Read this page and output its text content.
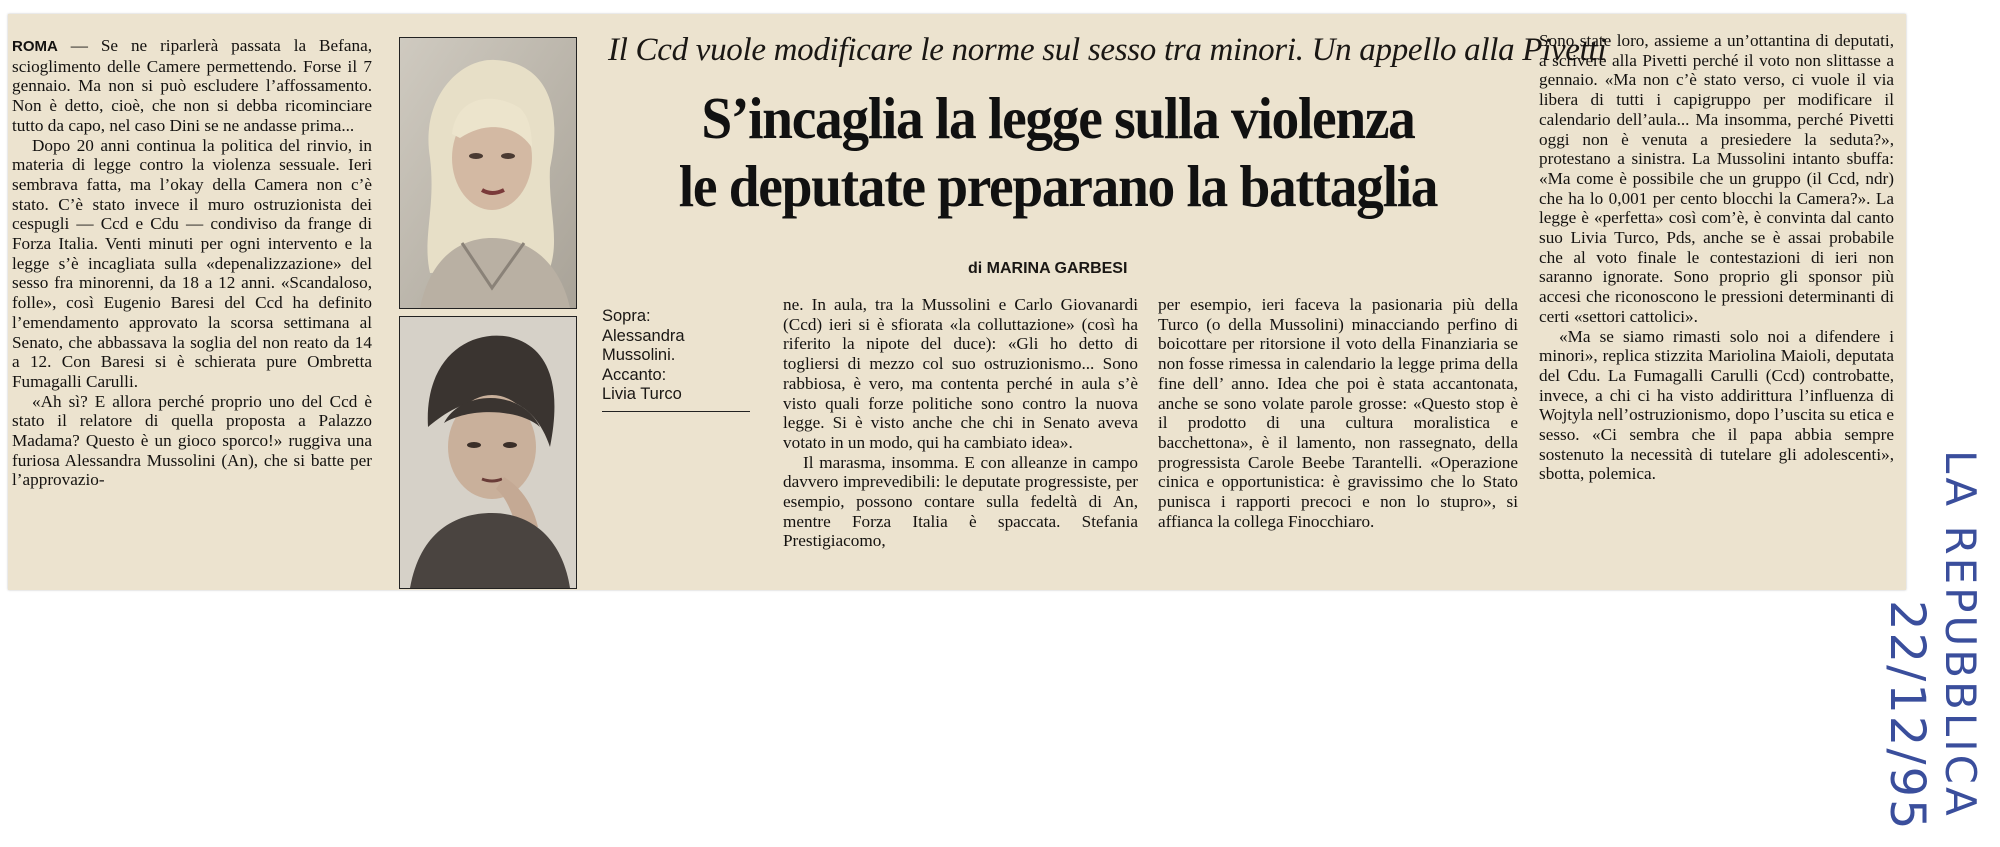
ROMA — Se ne riparlerà passata la Befana, scioglimento delle Camere permettendo. Forse il 7 gennaio. Ma non si può escludere l’affossamento. Non è detto, cioè, che non si debba ricominciare tutto da capo, nel caso Dini se ne andasse prima...

Dopo 20 anni continua la politica del rinvio, in materia di legge contro la violenza sessuale. Ieri sembrava fatta, ma l’okay della Camera non c’è stato. C’è stato invece il muro ostruzionista dei cespugli — Ccd e Cdu — condiviso da frange di Forza Italia. Venti minuti per ogni intervento e la legge s’è incagliata sulla «depenalizzazione» del sesso fra minorenni, da 18 a 12 anni. «Scandaloso, folle», così Eugenio Baresi del Ccd ha definito l’emendamento approvato la scorsa settimana al Senato, che abbassava la soglia del non reato da 14 a 12. Con Baresi si è schierata pure Ombretta Fumagalli Carulli.

«Ah sì? E allora perché proprio uno del Ccd è stato il relatore di quella proposta a Palazzo Madama? Questo è un gioco sporco!» ruggiva una furiosa Alessandra Mussolini (An), che si batte per l’approvazio-

Il Ccd vuole modificare le norme sul sesso tra minori. Un appello alla Pivetti
S’incaglia la legge sulla violenza
le deputate preparano la battaglia
di MARINA GARBESI
Sopra:
Alessandra
Mussolini.
Accanto:
Livia Turco

ne. In aula, tra la Mussolini e Carlo Giovanardi (Ccd) ieri si è sfiorata «la colluttazione» (così ha riferito la nipote del duce): «Gli ho detto di togliersi di mezzo col suo ostruzionismo... Sono rabbiosa, è vero, ma contenta perché in aula s’è visto quali forze politiche sono contro la nuova legge. Si è visto anche che chi in Senato aveva votato in un modo, qui ha cambiato idea».

Il marasma, insomma. E con alleanze in campo davvero imprevedibili: le deputate progressiste, per esempio, possono contare sulla fedeltà di An, mentre Forza Italia è spaccata. Stefania Prestigiacomo,

per esempio, ieri faceva la pasionaria più della Turco (o della Mussolini) minacciando perfino di boicottare per ritorsione il voto della Finanziaria se non fosse rimessa in calendario la legge prima della fine dell’ anno. Idea che poi è stata accantonata, anche se sono volate parole grosse: «Questo stop è il prodotto di una cultura moralistica e bacchettona», è il lamento, non rassegnato, della progressista Carole Beebe Tarantelli. «Operazione cinica e opportunistica: è gravissimo che lo Stato punisca i rapporti precoci e non lo stupro», si affianca la collega Finocchiaro.

Sono state loro, assieme a un’ottantina di deputati, a scrivere alla Pivetti perché il voto non slittasse a gennaio. «Ma non c’è stato verso, ci vuole il via libera di tutti i capigruppo per modificare il calendario dell’aula... Ma insomma, perché Pivetti oggi non è venuta a presiedere la seduta?», protestano a sinistra. La Mussolini intanto sbuffa: «Ma come è possibile che un gruppo (il Ccd, ndr) che ha lo 0,001 per cento blocchi la Camera?». La legge è «perfetta» così com’è, è convinta dal canto suo Livia Turco, Pds, anche se è assai probabile che al voto finale le contestazioni di ieri non saranno ignorate. Sono proprio gli sponsor più accesi che riconoscono le pressioni determinanti di certi «settori cattolici».

«Ma se siamo rimasti solo noi a difendere i minori», replica stizzita Mariolina Maioli, deputata del Cdu. La Fumagalli Carulli (Ccd) controbatte, invece, a chi ci ha visto addirittura l’influenza di Wojtyla nell’ostruzionismo, dopo l’uscita su etica e sesso. «Ci sembra che il papa abbia sempre sostenuto la necessità di tutelare gli adolescenti», sbotta, polemica.	LA REPUBBLICA
22/12/95
